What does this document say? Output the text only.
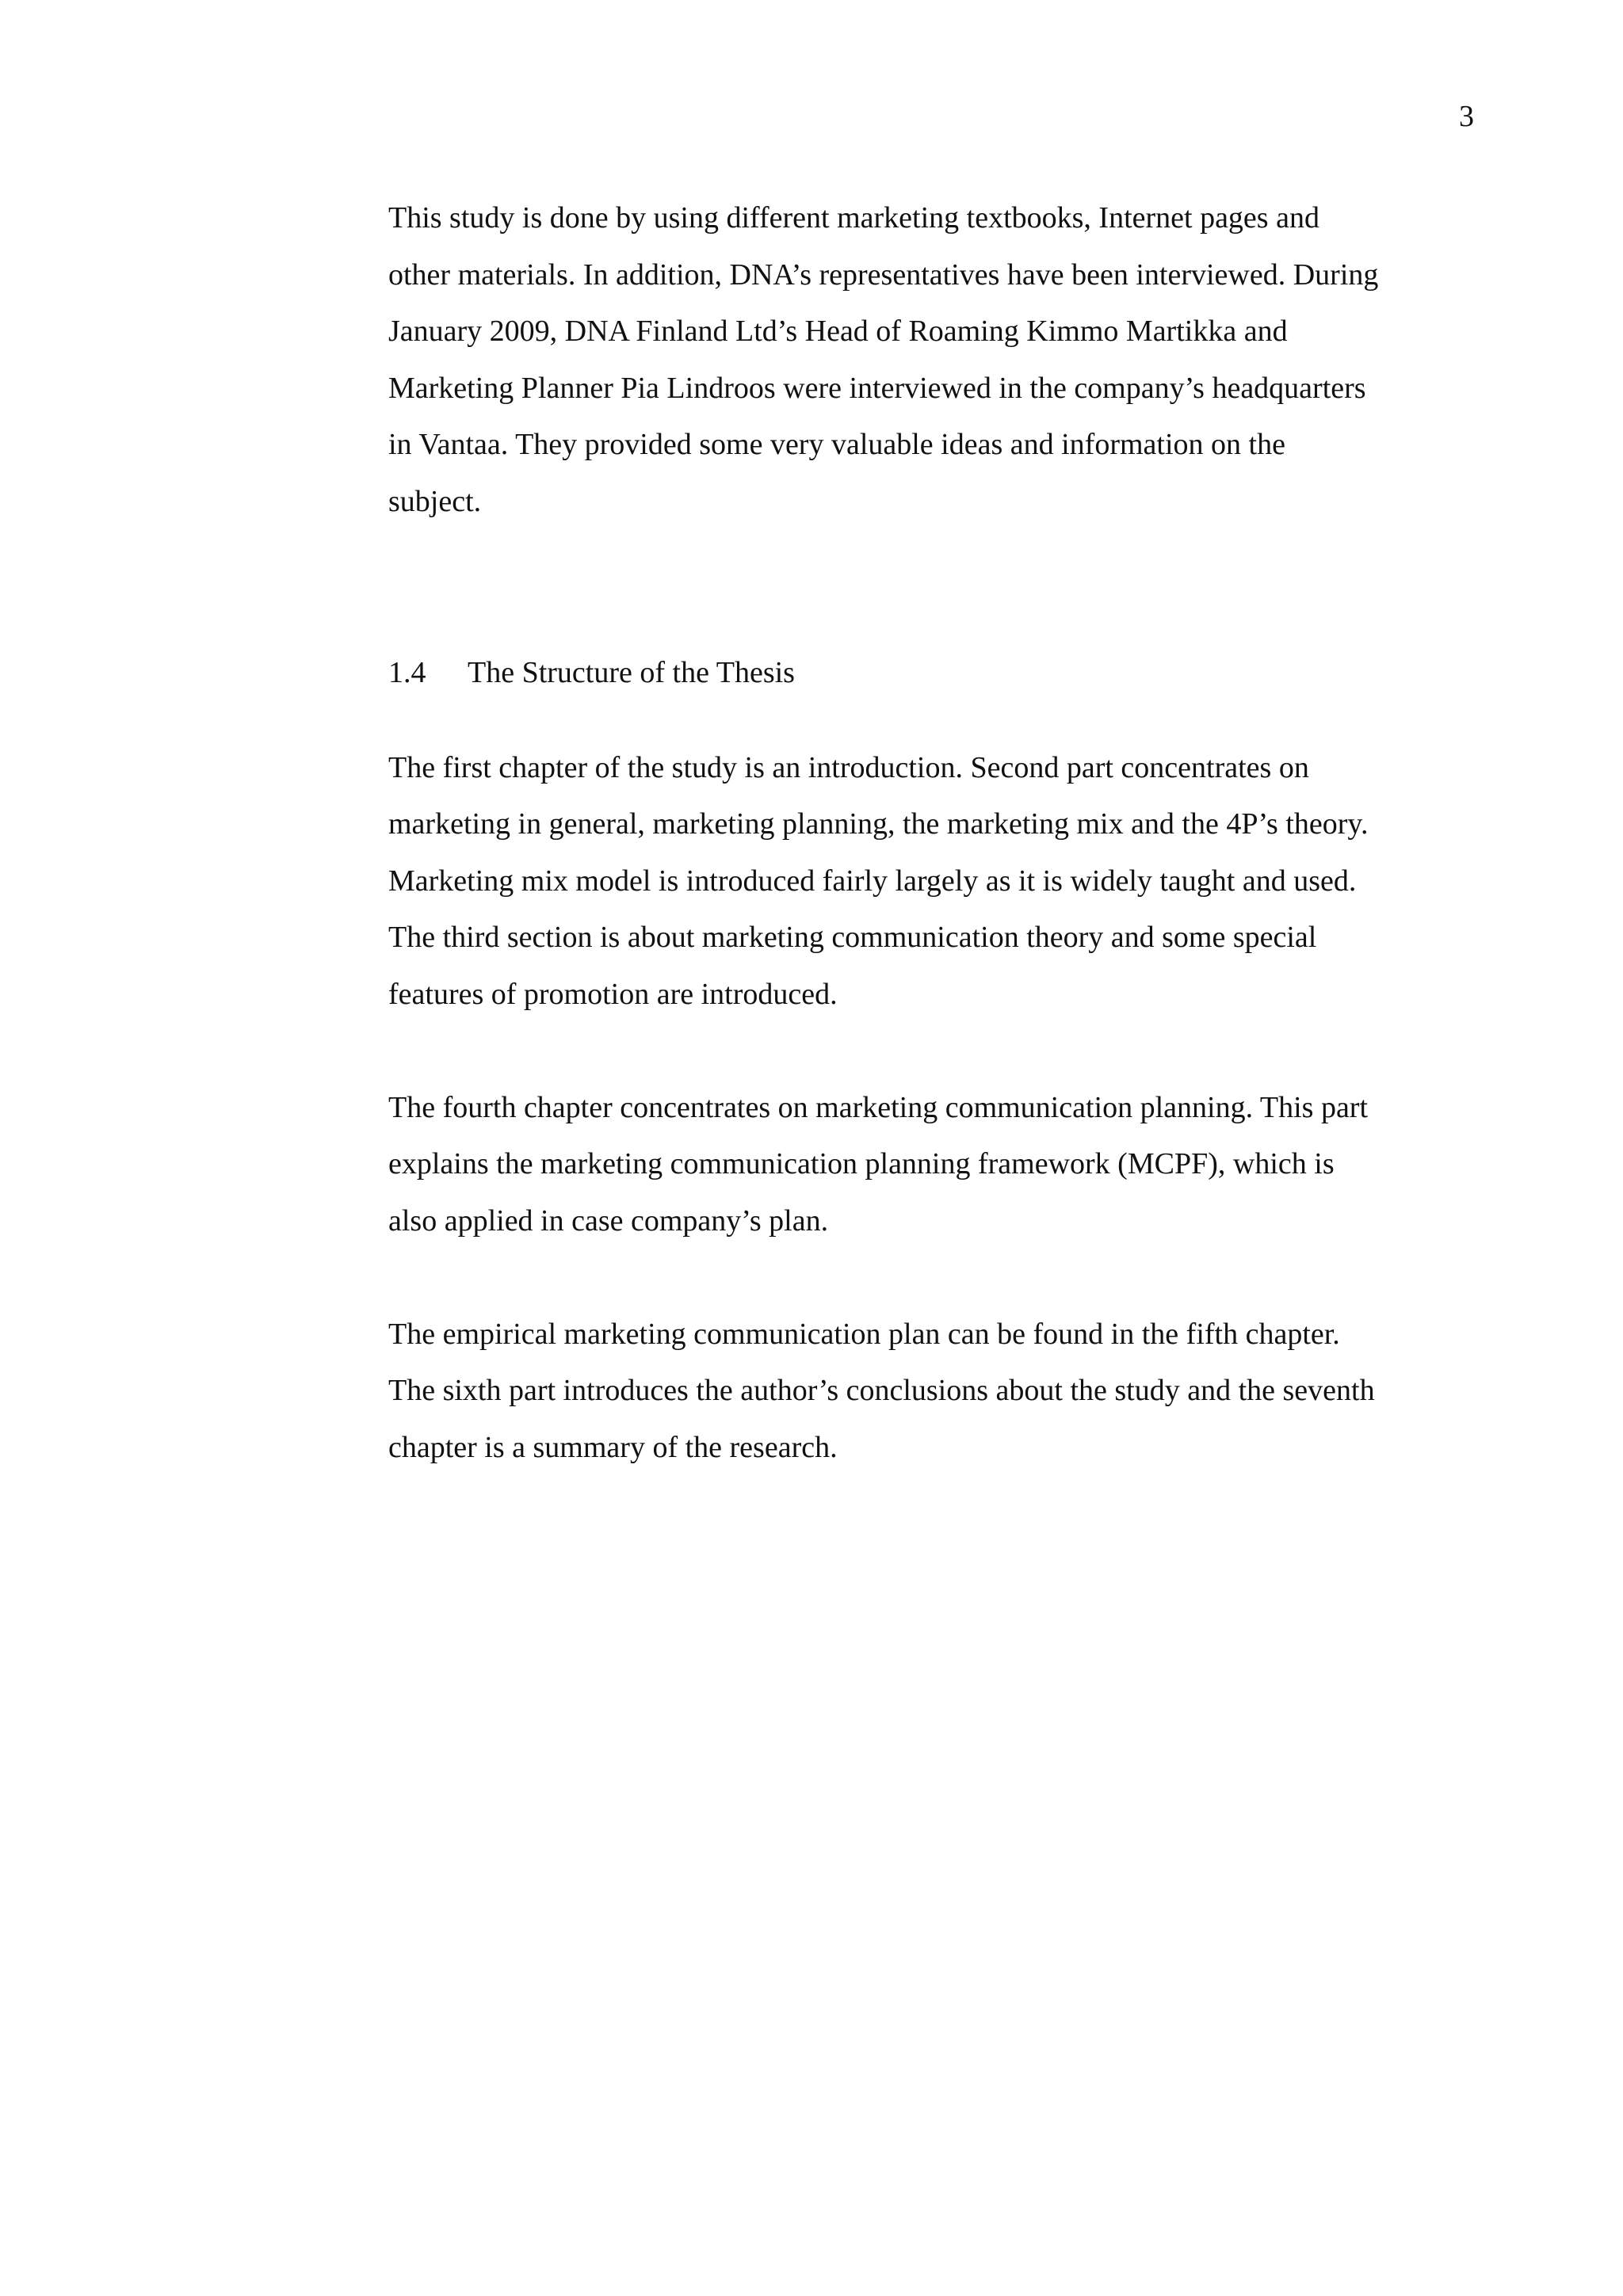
3

This study is done by using different marketing textbooks, Internet pages and
other materials. In addition, DNA’s representatives have been interviewed. During
January 2009, DNA Finland Ltd’s Head of Roaming Kimmo Martikka and
Marketing Planner Pia Lindroos were interviewed in the company’s headquarters
in Vantaa. They provided some very valuable ideas and information on the
subject.

1.4	The Structure of the Thesis

The first chapter of the study is an introduction. Second part concentrates on
marketing in general, marketing planning, the marketing mix and the 4P’s theory.
Marketing mix model is introduced fairly largely as it is widely taught and used.
The third section is about marketing communication theory and some special
features of promotion are introduced.

The fourth chapter concentrates on marketing communication planning. This part
explains the marketing communication planning framework (MCPF), which is
also applied in case company’s plan.

The empirical marketing communication plan can be found in the fifth chapter.
The sixth part introduces the author’s conclusions about the study and the seventh
chapter is a summary of the research.
